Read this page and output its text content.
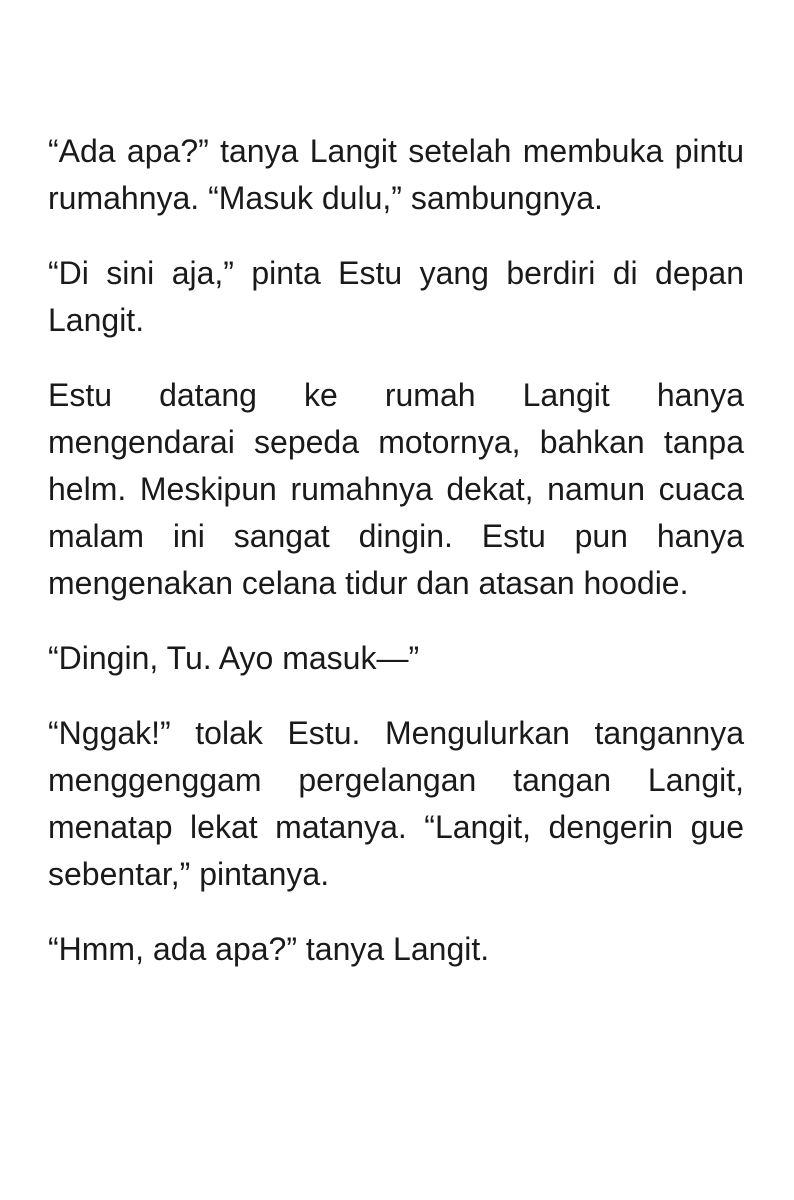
“Ada apa?” tanya Langit setelah membuka pintu rumahnya. “Masuk dulu,” sambungnya.

“Di sini aja,” pinta Estu yang berdiri di depan Langit.

Estu datang ke rumah Langit hanya mengendarai sepeda motornya, bahkan tanpa helm. Meskipun rumahnya dekat, namun cuaca malam ini sangat dingin. Estu pun hanya mengenakan celana tidur dan atasan hoodie.

“Dingin, Tu. Ayo masuk—”

“Nggak!” tolak Estu. Mengulurkan tangannya menggenggam pergelangan tangan Langit, menatap lekat matanya. “Langit, dengerin gue sebentar,” pintanya.

“Hmm, ada apa?” tanya Langit.
